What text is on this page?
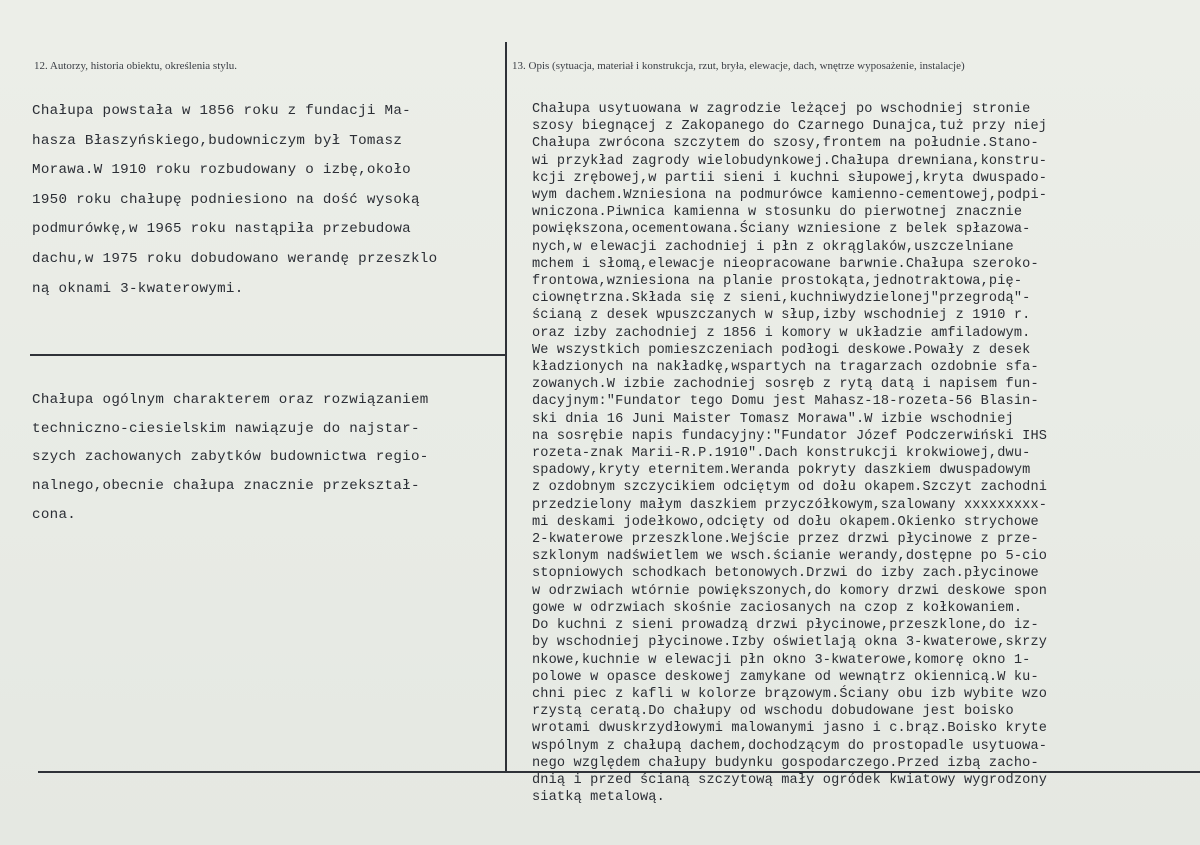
12. Autorzy, historia obiektu, określenia stylu.	13. Opis (sytuacja, materiał i konstrukcja, rzut, bryła, elewacje, dach, wnętrze wyposażenie, instalacje)
Chałupa powstała w 1856 roku z fundacji Ma-
hasza Błaszyńskiego,budowniczym był Tomasz
Morawa.W 1910 roku rozbudowany o izbę,około
1950 roku chałupę podniesiono na dość wysoką
podmurówkę,w 1965 roku nastąpiła przebudowa
dachu,w 1975 roku dobudowano werandę przeszklo
ną oknami 3-kwaterowymi.
Chałupa ogólnym charakterem oraz rozwiązaniem
techniczno-ciesielskim nawiązuje do najstar-
szych zachowanych zabytków budownictwa regio-
nalnego,obecnie chałupa znacznie przekształ-
cona.
Chałupa usytuowana w zagrodzie leżącej po wschodniej stronie
szosy biegnącej z Zakopanego do Czarnego Dunajca,tuż przy niej
Chałupa zwrócona szczytem do szosy,frontem na południe.Stano-
wi przykład zagrody wielobudynkowej.Chałupa drewniana,konstru-
kcji zrębowej,w partii sieni i kuchni słupowej,kryta dwuspado-
wym dachem.Wzniesiona na podmurówce kamienno-cementowej,podpi-
wniczona.Piwnica kamienna w stosunku do pierwotnej znacznie
powiększona,ocementowana.Ściany wzniesione z belek spłazowa-
nych,w elewacji zachodniej i płn z okrąglaków,uszczelniane
mchem i słomą,elewacje nieopracowane barwnie.Chałupa szeroko-
frontowa,wzniesiona na planie prostokąta,jednotraktowa,pię-
ciownętrzna.Składa się z sieni,kuchniwydzielonej"przegrodą"-
ścianą z desek wpuszczanych w słup,izby wschodniej z 1910 r.
oraz izby zachodniej z 1856 i komory w układzie amfiladowym.
We wszystkich pomieszczeniach podłogi deskowe.Powały z desek
kładzionych na nakładkę,wspartych na tragarzach ozdobnie sfa-
zowanych.W izbie zachodniej sosręb z rytą datą i napisem fun-
dacyjnym:"Fundator tego Domu jest Mahasz-18-rozeta-56 Blasin-
ski dnia 16 Juni Maister Tomasz Morawa".W izbie wschodniej
na sosrębie napis fundacyjny:"Fundator Józef Podczerwiński IHS
rozeta-znak Marii-R.P.1910".Dach konstrukcji krokwiowej,dwu-
spadowy,kryty eternitem.Weranda pokryty daszkiem dwuspadowym
z ozdobnym szczycikiem odciętym od dołu okapem.Szczyt zachodni
przedzielony małym daszkiem przyczółkowym,szalowany xxxxxxxxx-
mi deskami jodełkowo,odcięty od dołu okapem.Okienko strychowe
2-kwaterowe przeszklone.Wejście przez drzwi płycinowe z prze-
szklonym nadświetlem we wsch.ścianie werandy,dostępne po 5-cio
stopniowych schodkach betonowych.Drzwi do izby zach.płycinowe
w odrzwiach wtórnie powiększonych,do komory drzwi deskowe spon
gowe w odrzwiach skośnie zaciosanych na czop z kołkowaniem.
Do kuchni z sieni prowadzą drzwi płycinowe,przeszklone,do iz-
by wschodniej płycinowe.Izby oświetlają okna 3-kwaterowe,skrzy
nkowe,kuchnie w elewacji płn okno 3-kwaterowe,komorę okno 1-
polowe w opasce deskowej zamykane od wewnątrz okiennicą.W ku-
chni piec z kafli w kolorze brązowym.Ściany obu izb wybite wzo
rzystą ceratą.Do chałupy od wschodu dobudowane jest boisko
wrotami dwuskrzydłowymi malowanymi jasno i c.brąz.Boisko kryte
wspólnym z chałupą dachem,dochodzącym do prostopadle usytuowa-
nego względem chałupy budynku gospodarczego.Przed izbą zacho-
dnią i przed ścianą szczytową mały ogródek kwiatowy wygrodzony
siatką metalową.
